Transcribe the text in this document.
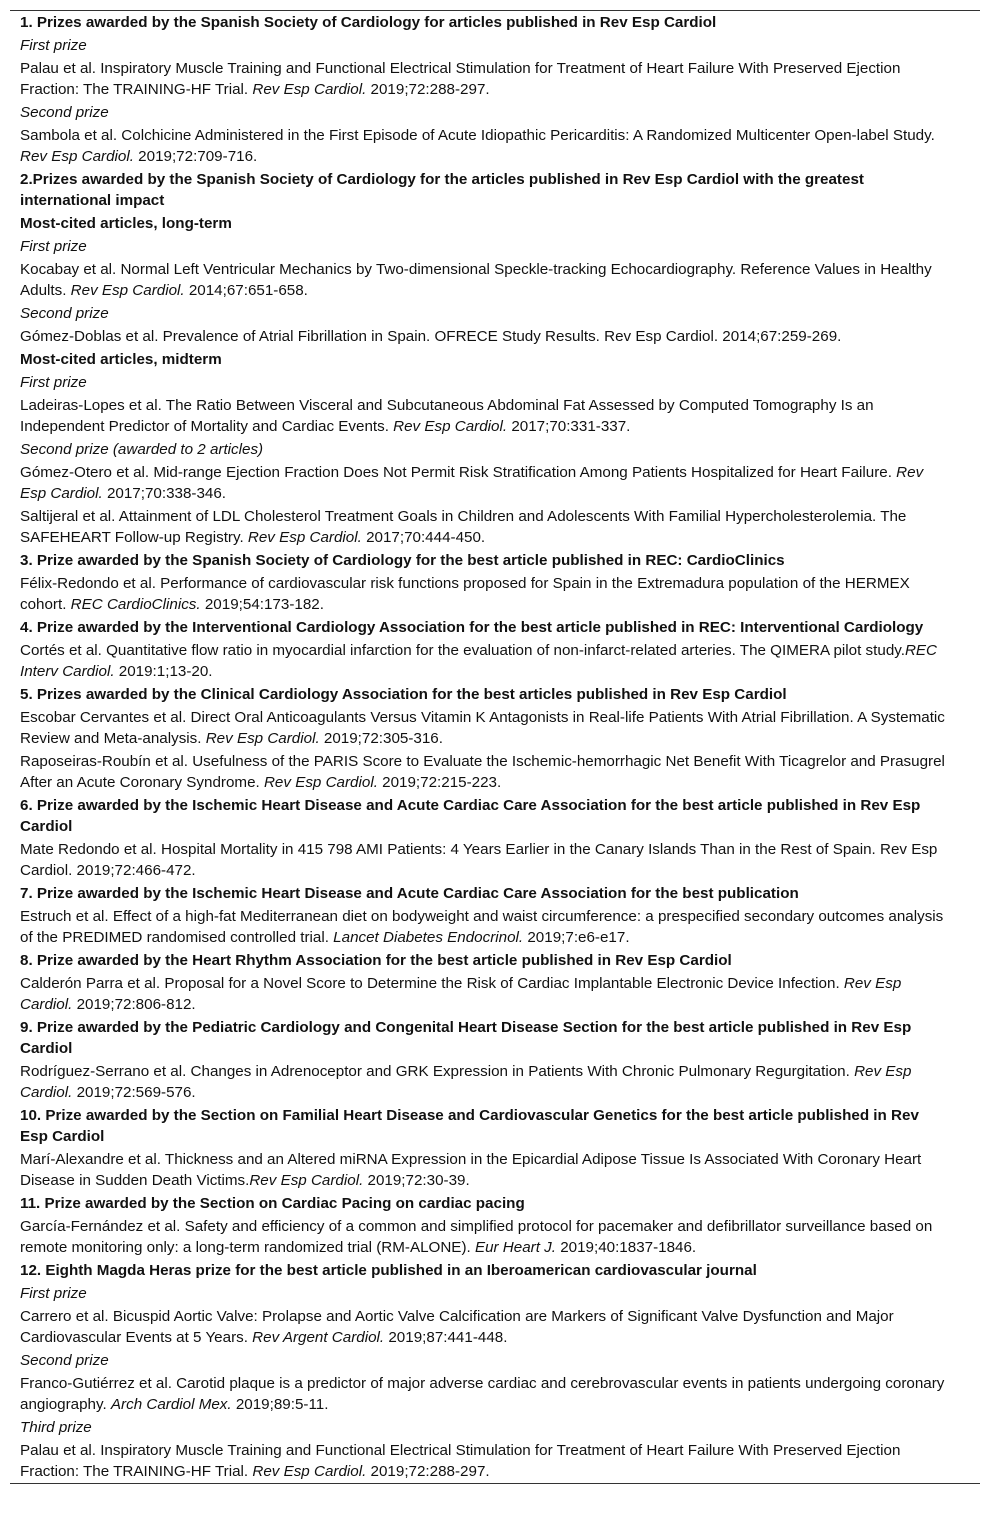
1. Prizes awarded by the Spanish Society of Cardiology for articles published in Rev Esp Cardiol
First prize
Palau et al. Inspiratory Muscle Training and Functional Electrical Stimulation for Treatment of Heart Failure With Preserved Ejection Fraction: The TRAINING-HF Trial. Rev Esp Cardiol. 2019;72:288-297.
Second prize
Sambola et al. Colchicine Administered in the First Episode of Acute Idiopathic Pericarditis: A Randomized Multicenter Open-label Study. Rev Esp Cardiol. 2019;72:709-716.
2.Prizes awarded by the Spanish Society of Cardiology for the articles published in Rev Esp Cardiol with the greatest international impact
Most-cited articles, long-term
First prize
Kocabay et al. Normal Left Ventricular Mechanics by Two-dimensional Speckle-tracking Echocardiography. Reference Values in Healthy Adults. Rev Esp Cardiol. 2014;67:651-658.
Second prize
Gómez-Doblas et al. Prevalence of Atrial Fibrillation in Spain. OFRECE Study Results. Rev Esp Cardiol. 2014;67:259-269.
Most-cited articles, midterm
First prize
Ladeiras-Lopes et al. The Ratio Between Visceral and Subcutaneous Abdominal Fat Assessed by Computed Tomography Is an Independent Predictor of Mortality and Cardiac Events. Rev Esp Cardiol. 2017;70:331-337.
Second prize (awarded to 2 articles)
Gómez-Otero et al. Mid-range Ejection Fraction Does Not Permit Risk Stratification Among Patients Hospitalized for Heart Failure. Rev Esp Cardiol. 2017;70:338-346.
Saltijeral et al. Attainment of LDL Cholesterol Treatment Goals in Children and Adolescents With Familial Hypercholesterolemia. The SAFEHEART Follow-up Registry. Rev Esp Cardiol. 2017;70:444-450.
3. Prize awarded by the Spanish Society of Cardiology for the best article published in REC: CardioClinics
Félix-Redondo et al. Performance of cardiovascular risk functions proposed for Spain in the Extremadura population of the HERMEX cohort. REC CardioClinics. 2019;54:173-182.
4. Prize awarded by the Interventional Cardiology Association for the best article published in REC: Interventional Cardiology
Cortés et al. Quantitative flow ratio in myocardial infarction for the evaluation of non-infarct-related arteries. The QIMERA pilot study.REC Interv Cardiol. 2019:1;13-20.
5. Prizes awarded by the Clinical Cardiology Association for the best articles published in Rev Esp Cardiol
Escobar Cervantes et al. Direct Oral Anticoagulants Versus Vitamin K Antagonists in Real-life Patients With Atrial Fibrillation. A Systematic Review and Meta-analysis. Rev Esp Cardiol. 2019;72:305-316.
Raposeiras-Roubín et al. Usefulness of the PARIS Score to Evaluate the Ischemic-hemorrhagic Net Benefit With Ticagrelor and Prasugrel After an Acute Coronary Syndrome. Rev Esp Cardiol. 2019;72:215-223.
6. Prize awarded by the Ischemic Heart Disease and Acute Cardiac Care Association for the best article published in Rev Esp Cardiol
Mate Redondo et al. Hospital Mortality in 415 798 AMI Patients: 4 Years Earlier in the Canary Islands Than in the Rest of Spain. Rev Esp Cardiol. 2019;72:466-472.
7. Prize awarded by the Ischemic Heart Disease and Acute Cardiac Care Association for the best publication
Estruch et al. Effect of a high-fat Mediterranean diet on bodyweight and waist circumference: a prespecified secondary outcomes analysis of the PREDIMED randomised controlled trial. Lancet Diabetes Endocrinol. 2019;7:e6-e17.
8. Prize awarded by the Heart Rhythm Association for the best article published in Rev Esp Cardiol
Calderón Parra et al. Proposal for a Novel Score to Determine the Risk of Cardiac Implantable Electronic Device Infection. Rev Esp Cardiol. 2019;72:806-812.
9. Prize awarded by the Pediatric Cardiology and Congenital Heart Disease Section for the best article published in Rev Esp Cardiol
Rodríguez-Serrano et al. Changes in Adrenoceptor and GRK Expression in Patients With Chronic Pulmonary Regurgitation. Rev Esp Cardiol. 2019;72:569-576.
10. Prize awarded by the Section on Familial Heart Disease and Cardiovascular Genetics for the best article published in Rev Esp Cardiol
Marí-Alexandre et al. Thickness and an Altered miRNA Expression in the Epicardial Adipose Tissue Is Associated With Coronary Heart Disease in Sudden Death Victims.Rev Esp Cardiol. 2019;72:30-39.
11. Prize awarded by the Section on Cardiac Pacing on cardiac pacing
García-Fernández et al. Safety and efficiency of a common and simplified protocol for pacemaker and defibrillator surveillance based on remote monitoring only: a long-term randomized trial (RM-ALONE). Eur Heart J. 2019;40:1837-1846.
12. Eighth Magda Heras prize for the best article published in an Iberoamerican cardiovascular journal
First prize
Carrero et al. Bicuspid Aortic Valve: Prolapse and Aortic Valve Calcification are Markers of Significant Valve Dysfunction and Major Cardiovascular Events at 5 Years. Rev Argent Cardiol. 2019;87:441-448.
Second prize
Franco-Gutiérrez et al. Carotid plaque is a predictor of major adverse cardiac and cerebrovascular events in patients undergoing coronary angiography. Arch Cardiol Mex. 2019;89:5-11.
Third prize
Palau et al. Inspiratory Muscle Training and Functional Electrical Stimulation for Treatment of Heart Failure With Preserved Ejection Fraction: The TRAINING-HF Trial. Rev Esp Cardiol. 2019;72:288-297.
